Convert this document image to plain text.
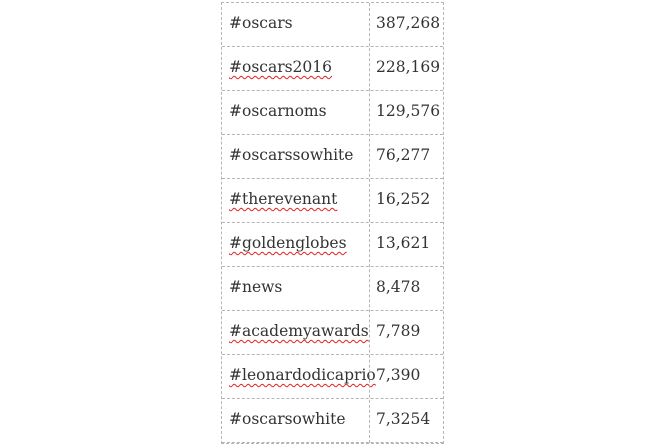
#oscars	387,268
#oscars2016	228,169
#oscarnoms	129,576
#oscarssowhite 76,277
#therevenant 16,252
#goldenglobes 13,621
#news	8,478
#academyawards 7,789
#leonardodicaprio 7,390
#oscarsowhite 7,3254
